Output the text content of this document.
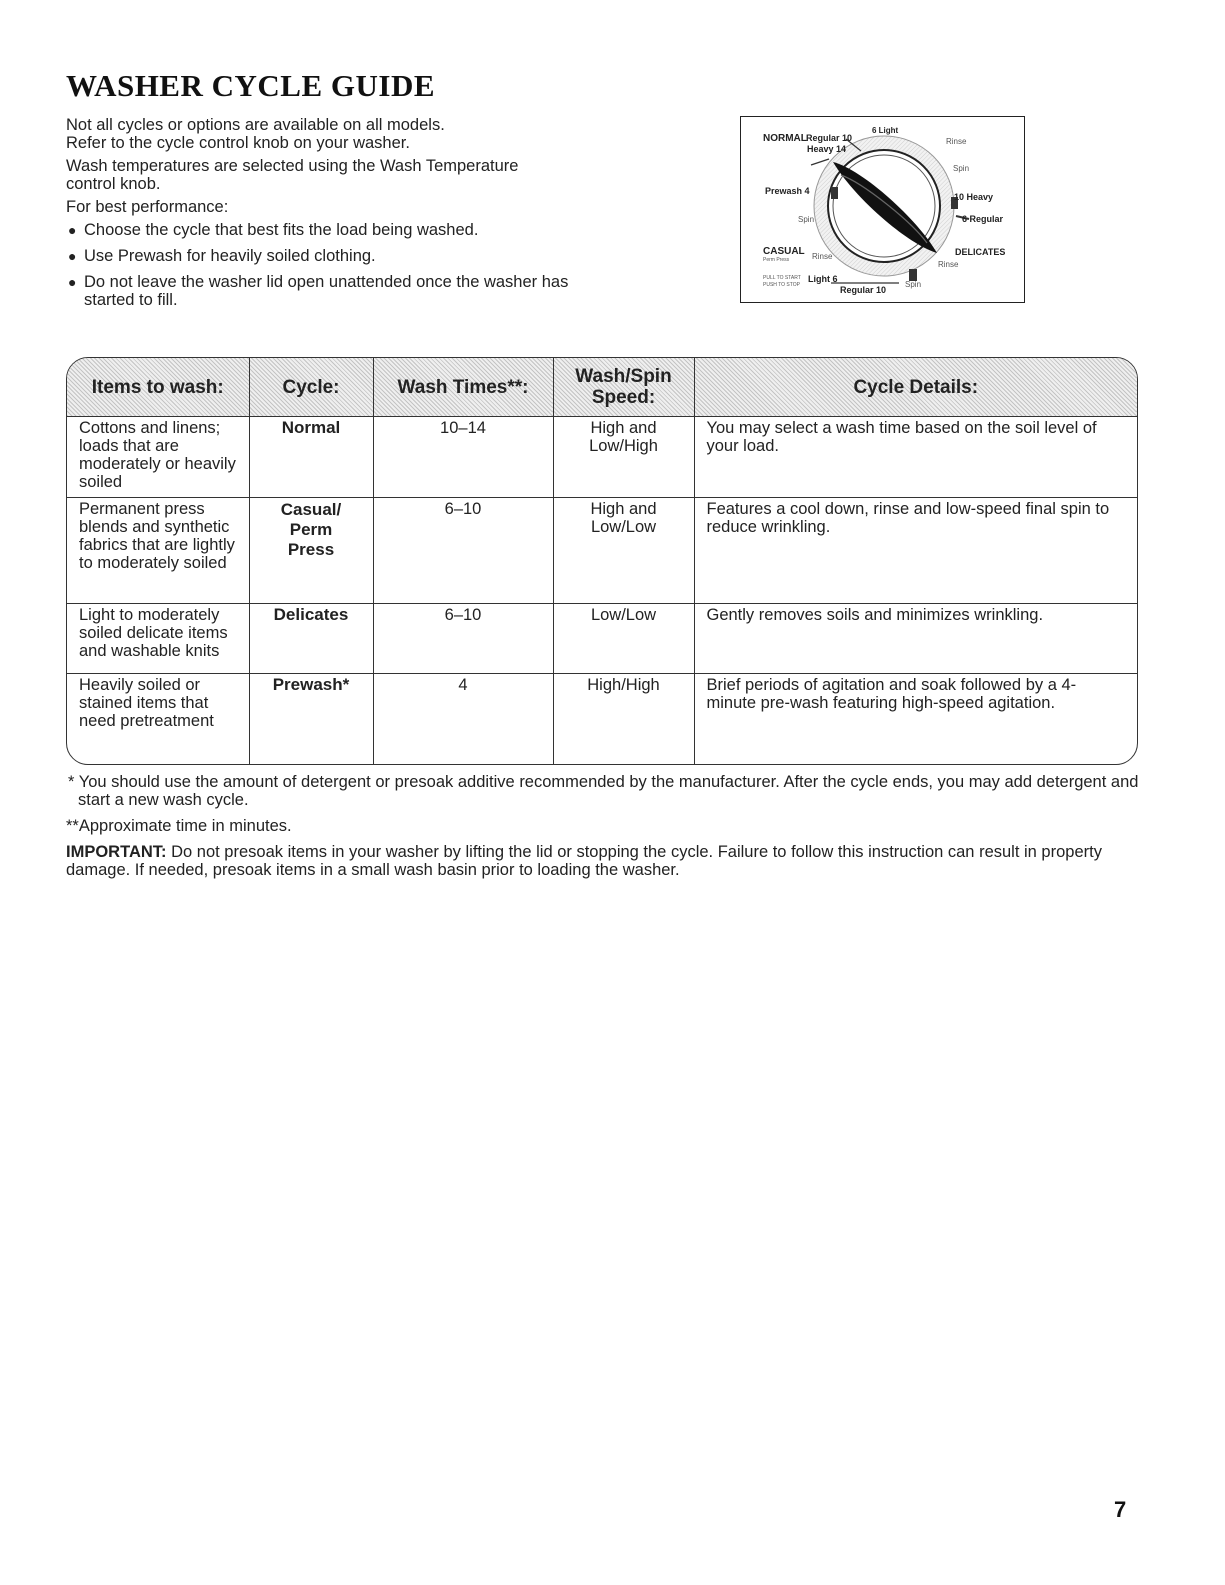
WASHER CYCLE GUIDE

Not all cycles or options are available on all models.
Refer to the cycle control knob on your washer.

Wash temperatures are selected using the Wash Temperature control knob.

For best performance:

● Choose the cycle that best fits the load being washed.
● Use Prewash for heavily soiled clothing.
● Do not leave the washer lid open unattended once the washer has started to fill.
NORMAL Regular 10
Heavy 14
6 Light
Rinse
Spin
10 Heavy
6 Regular
Prewash 4
Spin
CASUAL
Perm Press	Rinse	DELICATES
Rinse
PULL TO START
PUSH TO STOP
Light 6
Regular 10
Spin
Items to wash:	Cycle:	Wash Times**:	Wash/Spin Speed:	Cycle Details:
Cottons and linens; loads that are moderately or heavily soiled	Normal	10–14	High and Low/High	You may select a wash time based on the soil level of your load.
Permanent press blends and synthetic fabrics that are lightly to moderately soiled	Casual/ Perm Press	6–10	High and Low/Low	Features a cool down, rinse and low-speed final spin to reduce wrinkling.
Light to moderately soiled delicate items and washable knits	Delicates	6–10	Low/Low	Gently removes soils and minimizes wrinkling.
Heavily soiled or stained items that need pretreatment	Prewash*	4	High/High	Brief periods of agitation and soak followed by a 4-minute pre-wash featuring high-speed agitation.

* You should use the amount of detergent or presoak additive recommended by the manufacturer. After the cycle ends, you may add detergent and start a new wash cycle.

**Approximate time in minutes.

IMPORTANT: Do not presoak items in your washer by lifting the lid or stopping the cycle. Failure to follow this instruction can result in property damage. If needed, presoak items in a small wash basin prior to loading the washer.

7
